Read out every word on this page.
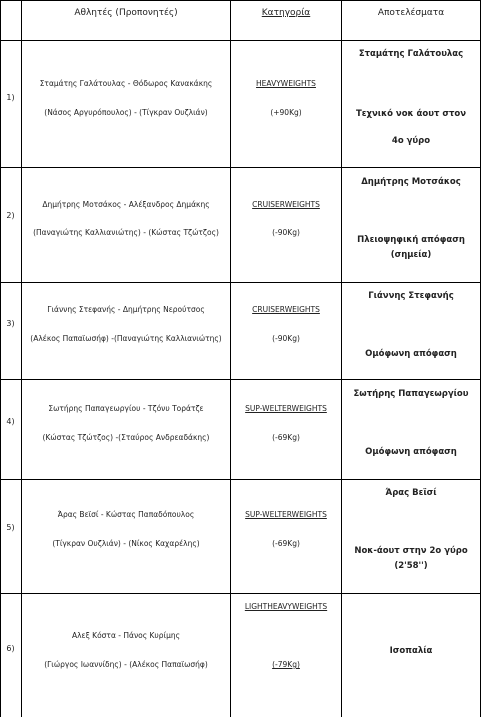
Αθλητές (Προπονητές)	Κατηγορία	Αποτελέσματα
1)
Σταμάτης Γαλάτουλας - Θόδωρος Κανακάκης
(Νάσος Αργυρόπουλος) - (Τίγκραν Ουζλιάν)
HEAVYWEIGHTS
(+90Kg)
Σταμάτης Γαλάτουλας
Τεχνικό νοκ άουτ στον
4ο γύρο
2)
Δημήτρης Μοτσάκος - Αλέξανδρος Δημάκης
(Παναγιώτης Καλλιανιώτης) - (Κώστας Τζώτζος)
CRUISERWEIGHTS
(-90Kg)
Δημήτρης Μοτσάκος
Πλειοψηφική απόφαση
(σημεία)
3)
Γιάννης Στεφανής - Δημήτρης Νερούτσος
(Αλέκος Παπαϊωσήφ) -(Παναγιώτης Καλλιανιώτης)
CRUISERWEIGHTS
(-90Kg)
Γιάννης Στεφανής
Ομόφωνη απόφαση
4)
Σωτήρης Παπαγεωργίου - Τζόνυ Τοράτζε
(Κώστας Τζώτζος) -(Σταύρος Ανδρεαδάκης)
SUP-WELTERWEIGHTS
(-69Kg)
Σωτήρης Παπαγεωργίου
Ομόφωνη απόφαση
5)
Άρας Βεϊσί - Κώστας Παπαδόπουλος
(Τίγκραν Ουζλιάν) - (Νίκος Καχαρέλης)
SUP-WELTERWEIGHTS
(-69Kg)
Άρας Βεϊσί
Νοκ-άουτ στην 2ο γύρο
(2'58'')
6)
Αλεξ Κόστα - Πάνος Κυρίμης
(Γιώργος Ιωαννίδης) - (Αλέκος Παπαϊωσήφ)
LIGHTHEAVYWEIGHTS
(-79Kg)
Ισοπαλία
